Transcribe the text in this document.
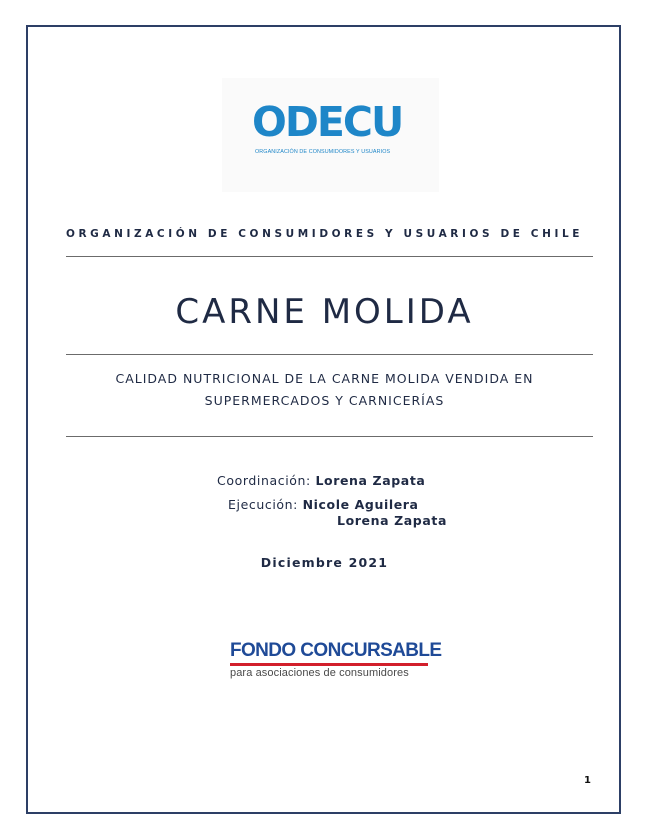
ODECU
ORGANIZACIÓN DE CONSUMIDORES Y USUARIOS
ORGANIZACIÓN DE CONSUMIDORES Y USUARIOS DE CHILE
CARNE MOLIDA
CALIDAD NUTRICIONAL DE LA CARNE MOLIDA VENDIDA EN
SUPERMERCADOS Y CARNICERÍAS
Coordinación: Lorena Zapata
Ejecución: Nicole Aguilera
Lorena Zapata
Diciembre 2021
FONDO CONCURSABLE
para asociaciones de consumidores
1
